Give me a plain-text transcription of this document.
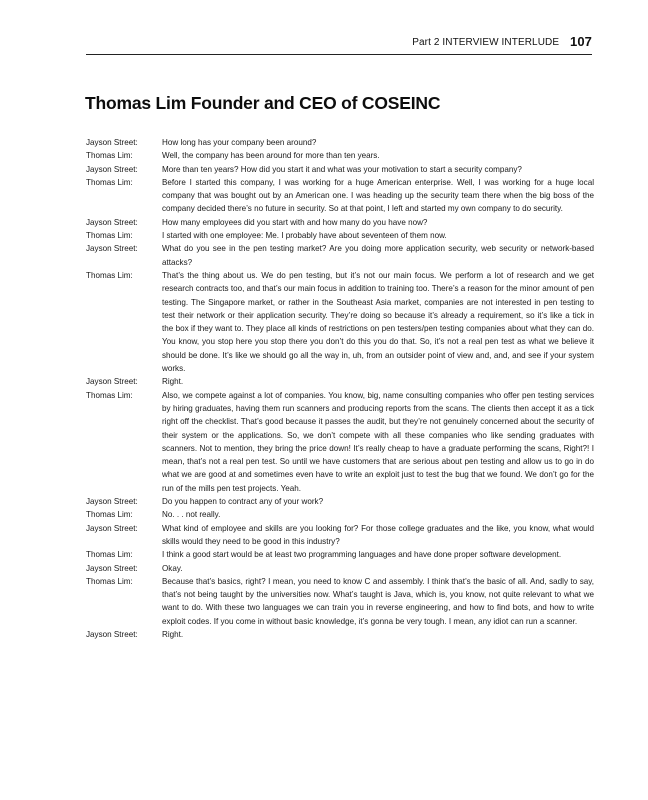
Part 2 INTERVIEW INTERLUDE 107
Thomas Lim Founder and CEO of COSEINC
Jayson Street:	How long has your company been around?
Thomas Lim:	Well, the company has been around for more than ten years.
Jayson Street:	More than ten years? How did you start it and what was your motivation to start a security company?
Thomas Lim:	Before I started this company, I was working for a huge American enterprise. Well, I was working for a huge local company that was bought out by an American one. I was heading up the security team there when the big boss of the company decided there’s no future in security. So at that point, I left and started my own company to do security.
Jayson Street:	How many employees did you start with and how many do you have now?
Thomas Lim:	I started with one employee: Me. I probably have about seventeen of them now.
Jayson Street:	What do you see in the pen testing market? Are you doing more application security, web security or network-based attacks?
Thomas Lim:	That’s the thing about us. We do pen testing, but it’s not our main focus. We perform a lot of research and we get research contracts too, and that’s our main focus in addition to training too. There’s a reason for the minor amount of pen testing. The Singapore market, or rather in the Southeast Asia market, companies are not interested in pen testing to test their network or their application security. They’re doing so because it’s already a requirement, so it’s like a tick in the box if they want to. They place all kinds of restrictions on pen testers/pen testing companies about what they can do. You know, you stop here you stop there you don’t do this you do that. So, it’s not a real pen test as what we believe it should be done. It’s like we should go all the way in, uh, from an outsider point of view and, and, and see if your system works.
Jayson Street:	Right.
Thomas Lim:	Also, we compete against a lot of companies. You know, big, name consulting companies who offer pen testing services by hiring graduates, having them run scanners and producing reports from the scans. The clients then accept it as a tick right off the checklist. That’s good because it passes the audit, but they’re not genuinely concerned about the security of their system or the applications. So, we don’t compete with all these companies who like sending graduates with scanners. Not to mention, they bring the price down! It’s really cheap to have a graduate performing the scans, Right?! I mean, that’s not a real pen test. So until we have customers that are serious about pen testing and allow us to go in do what we are good at and sometimes even have to write an exploit just to test the bug that we found. We don’t go for the run of the mills pen test projects. Yeah.
Jayson Street:	Do you happen to contract any of your work?
Thomas Lim:	No. . . not really.
Jayson Street:	What kind of employee and skills are you looking for? For those college graduates and the like, you know, what would skills would they need to be good in this industry?
Thomas Lim:	I think a good start would be at least two programming languages and have done proper software development.
Jayson Street:	Okay.
Thomas Lim:	Because that’s basics, right? I mean, you need to know C and assembly. I think that’s the basic of all. And, sadly to say, that’s not being taught by the universities now. What’s taught is Java, which is, you know, not quite relevant to what we want to do. With these two languages we can train you in reverse engineering, and how to find bots, and how to write exploit codes. If you come in without basic knowledge, it’s gonna be very tough. I mean, any idiot can run a scanner.
Jayson Street:	Right.
